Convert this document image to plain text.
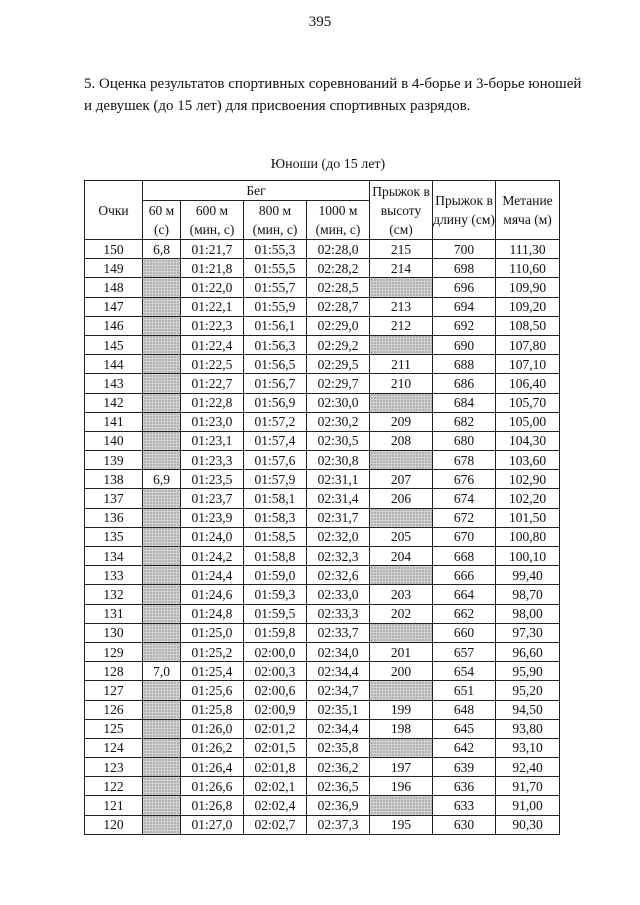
395
5. Оценка результатов спортивных соревнований в 4-борье и 3-борье юношей и девушек (до 15 лет) для присвоения спортивных разрядов.
Юноши (до 15 лет)
Очки	Бег				Прыжок в высоту (см)	Прыжок в длину (см)	Метание мяча (м)
	60 м (с)	600 м (мин, с)	800 м (мин, с)	1000 м (мин, с)			
150	6,8	01:21,7	01:55,3	02:28,0	215	700	111,30
149		01:21,8	01:55,5	02:28,2	214	698	110,60
148		01:22,0	01:55,7	02:28,5		696	109,90
147		01:22,1	01:55,9	02:28,7	213	694	109,20
146		01:22,3	01:56,1	02:29,0	212	692	108,50
145		01:22,4	01:56,3	02:29,2		690	107,80
144		01:22,5	01:56,5	02:29,5	211	688	107,10
143		01:22,7	01:56,7	02:29,7	210	686	106,40
142		01:22,8	01:56,9	02:30,0		684	105,70
141		01:23,0	01:57,2	02:30,2	209	682	105,00
140		01:23,1	01:57,4	02:30,5	208	680	104,30
139		01:23,3	01:57,6	02:30,8		678	103,60
138	6,9	01:23,5	01:57,9	02:31,1	207	676	102,90
137		01:23,7	01:58,1	02:31,4	206	674	102,20
136		01:23,9	01:58,3	02:31,7		672	101,50
135		01:24,0	01:58,5	02:32,0	205	670	100,80
134		01:24,2	01:58,8	02:32,3	204	668	100,10
133		01:24,4	01:59,0	02:32,6		666	99,40
132		01:24,6	01:59,3	02:33,0	203	664	98,70
131		01:24,8	01:59,5	02:33,3	202	662	98,00
130		01:25,0	01:59,8	02:33,7		660	97,30
129		01:25,2	02:00,0	02:34,0	201	657	96,60
128	7,0	01:25,4	02:00,3	02:34,4	200	654	95,90
127		01:25,6	02:00,6	02:34,7		651	95,20
126		01:25,8	02:00,9	02:35,1	199	648	94,50
125		01:26,0	02:01,2	02:34,4	198	645	93,80
124		01:26,2	02:01,5	02:35,8		642	93,10
123		01:26,4	02:01,8	02:36,2	197	639	92,40
122		01:26,6	02:02,1	02:36,5	196	636	91,70
121		01:26,8	02:02,4	02:36,9		633	91,00
120		01:27,0	02:02,7	02:37,3	195	630	90,30
